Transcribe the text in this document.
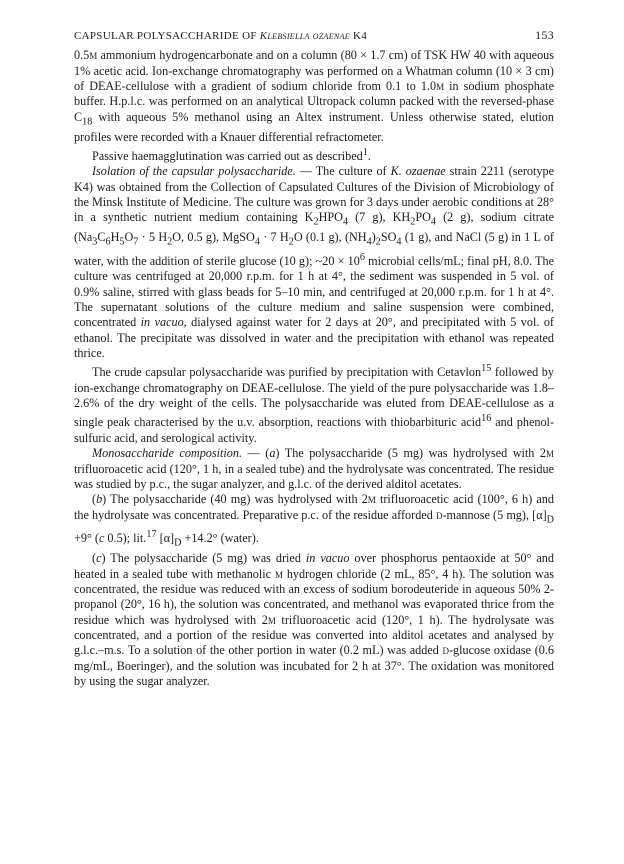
CAPSULAR POLYSACCHARIDE OF Klebsiella ozaenae K4	153

0.5m ammonium hydrogencarbonate and on a column (80 × 1.7 cm) of TSK HW 40 with aqueous 1% acetic acid. Ion-exchange chromatography was performed on a Whatman column (10 × 3 cm) of DEAE-cellulose with a gradient of sodium chloride from 0.1 to 1.0m in sodium phosphate buffer. H.p.l.c. was performed on an analytical Ultropack column packed with the reversed-phase $C_{18}$ with aqueous 5% methanol using an Altex instrument. Unless otherwise stated, elution profiles were recorded with a Knauer differential refractometer.

Passive haemagglutination was carried out as described$^1$.

Isolation of the capsular polysaccharide. — The culture of K. ozaenae strain 2211 (serotype K4) was obtained from the Collection of Capsulated Cultures of the Division of Microbiology of the Minsk Institute of Medicine. The culture was grown for 3 days under aerobic conditions at 28° in a synthetic nutrient medium containing $K_2HPO_4$ (7 g), $KH_2PO_4$ (2 g), sodium citrate ($Na_3C_6H_5O_7 \cdot 5$ $H_2O$, 0.5 g), MgSO$_4$ · 7 $H_2O$ (0.1 g), $(NH_4)_2SO_4$ (1 g), and NaCl (5 g) in 1 L of water, with the addition of sterile glucose (10 g); ~20 × $10^6$ microbial cells/mL; final pH, 8.0. The culture was centrifuged at 20,000 r.p.m. for 1 h at 4°, the sediment was suspended in 5 vol. of 0.9% saline, stirred with glass beads for 5–10 min, and centrifuged at 20,000 r.p.m. for 1 h at 4°. The supernatant solutions of the culture medium and saline suspension were combined, concentrated in vacuo, dialysed against water for 2 days at 20°, and precipitated with 5 vol. of ethanol. The precipitate was dissolved in water and the precipitation with ethanol was repeated thrice.

The crude capsular polysaccharide was purified by precipitation with Cetavlon$^{15}$ followed by ion-exchange chromatography on DEAE-cellulose. The yield of the pure polysaccharide was 1.8–2.6% of the dry weight of the cells. The polysaccharide was eluted from DEAE-cellulose as a single peak characterised by the u.v. absorption, reactions with thiobarbituric acid$^{16}$ and phenol-sulfuric acid, and serological activity.

Monosaccharide composition. — (a) The polysaccharide (5 mg) was hydrolysed with 2m trifluoroacetic acid (120°, 1 h, in a sealed tube) and the hydrolysate was concentrated. The residue was studied by p.c., the sugar analyzer, and g.l.c. of the derived alditol acetates.

(b) The polysaccharide (40 mg) was hydrolysed with 2m trifluoroacetic acid (100°, 6 h) and the hydrolysate was concentrated. Preparative p.c. of the residue afforded d-mannose (5 mg), $[\alpha]_D +9^\circ$ (c 0.5); lit.$^{17}$ $[\alpha]_D +14.2^\circ$ (water).

(c) The polysaccharide (5 mg) was dried in vacuo over phosphorus pentaoxide at 50° and heated in a sealed tube with methanolic m hydrogen chloride (2 mL, 85°, 4 h). The solution was concentrated, the residue was reduced with an excess of sodium borodeuteride in aqueous 50% 2-propanol (20°, 16 h), the solution was concentrated, and methanol was evaporated thrice from the residue which was hydrolysed with 2m trifluoroacetic acid (120°, 1 h). The hydrolysate was concentrated, and a portion of the residue was converted into alditol acetates and analysed by g.l.c.–m.s. To a solution of the other portion in water (0.2 mL) was added d-glucose oxidase (0.6 mg/mL, Boeringer), and the solution was incubated for 2 h at 37°. The oxidation was monitored by using the sugar analyzer.
